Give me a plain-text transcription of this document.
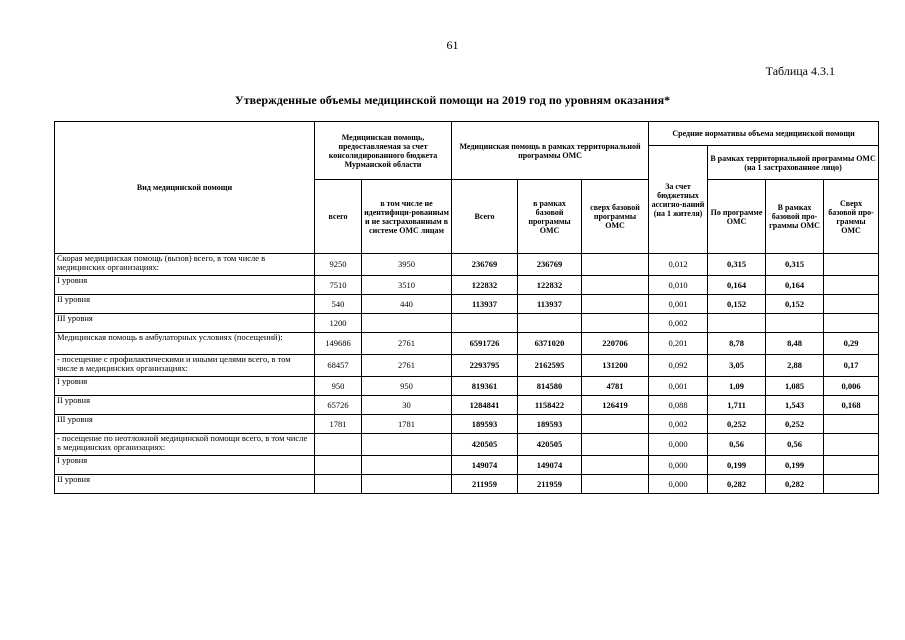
61
Таблица 4.3.1
Утвержденные объемы медицинской помощи на 2019 год по уровням оказания*
Вид медицинской помощи	Медицинская помощь, предоставляемая за счет консолидированного бюджета Мурманской области		Медицинская помощь в рамках территориальной программы ОМС			Средние нормативы объема медицинской помощи			
						За счет бюджетных ассигно-ваний (на 1 жителя)	В рамках территориальной программы ОМС (на 1 застрахованное лицо)		
	всего	в том числе не идентифици-рованным и не застрахованным в системе ОМС лицам	Всего	в рамках базовой программы ОМС	сверх базовой программы ОМС		По программе ОМС	В рамках базовой про-граммы ОМС	Сверх базовой про-граммы ОМС
Скорая медицинская помощь (вызов) всего, в том числе в медицинских организациях:	9250	3950	236769	236769		0,012	0,315	0,315	
I уровня	7510	3510	122832	122832		0,010	0,164	0,164	
II уровня	540	440	113937	113937		0,001	0,152	0,152	
III уровня	1200					0,002			
Медицинская помощь в амбулаторных условиях (посещений):	149686	2761	6591726	6371020	220706	0,201	8,78	8,48	0,29
- посещение с профилактическими и иными целями всего, в том числе в медицинских организациях:	68457	2761	2293795	2162595	131200	0,092	3,05	2,88	0,17
I уровня	950	950	819361	814580	4781	0,001	1,09	1,085	0,006
II уровня	65726	30	1284841	1158422	126419	0,088	1,711	1,543	0,168
III уровня	1781	1781	189593	189593		0,002	0,252	0,252	
- посещение по неотложной медицинской помощи всего, в том числе в медицинских организациях:			420505	420505		0,000	0,56	0,56	
I уровня			149074	149074		0,000	0,199	0,199	
II уровня			211959	211959		0,000	0,282	0,282	
